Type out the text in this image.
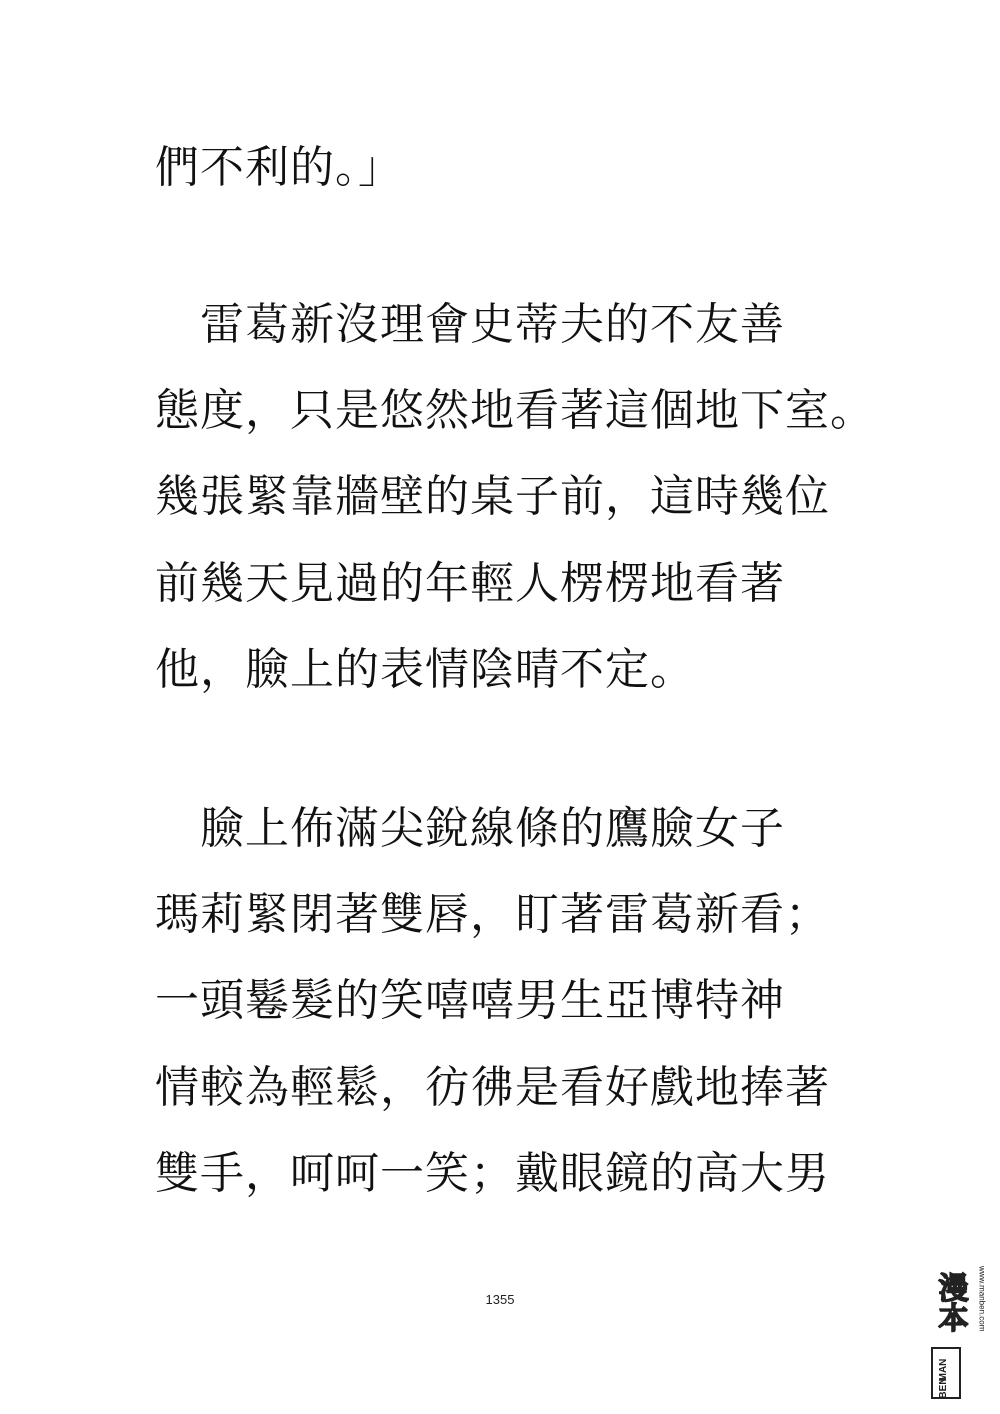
們不利的。」
　雷葛新沒理會史蒂夫的不友善
態度，只是悠然地看著這個地下室。
幾張緊靠牆壁的桌子前，這時幾位
前幾天見過的年輕人楞楞地看著
他，臉上的表情陰晴不定。
　臉上佈滿尖銳線條的鷹臉女子
瑪莉緊閉著雙唇，盯著雷葛新看；
一頭鬈髮的笑嘻嘻男生亞博特神
情較為輕鬆，彷彿是看好戲地捧著
雙手，呵呵一笑；戴眼鏡的高大男
1355
MAN
BEN
漫本 www.manben.com
